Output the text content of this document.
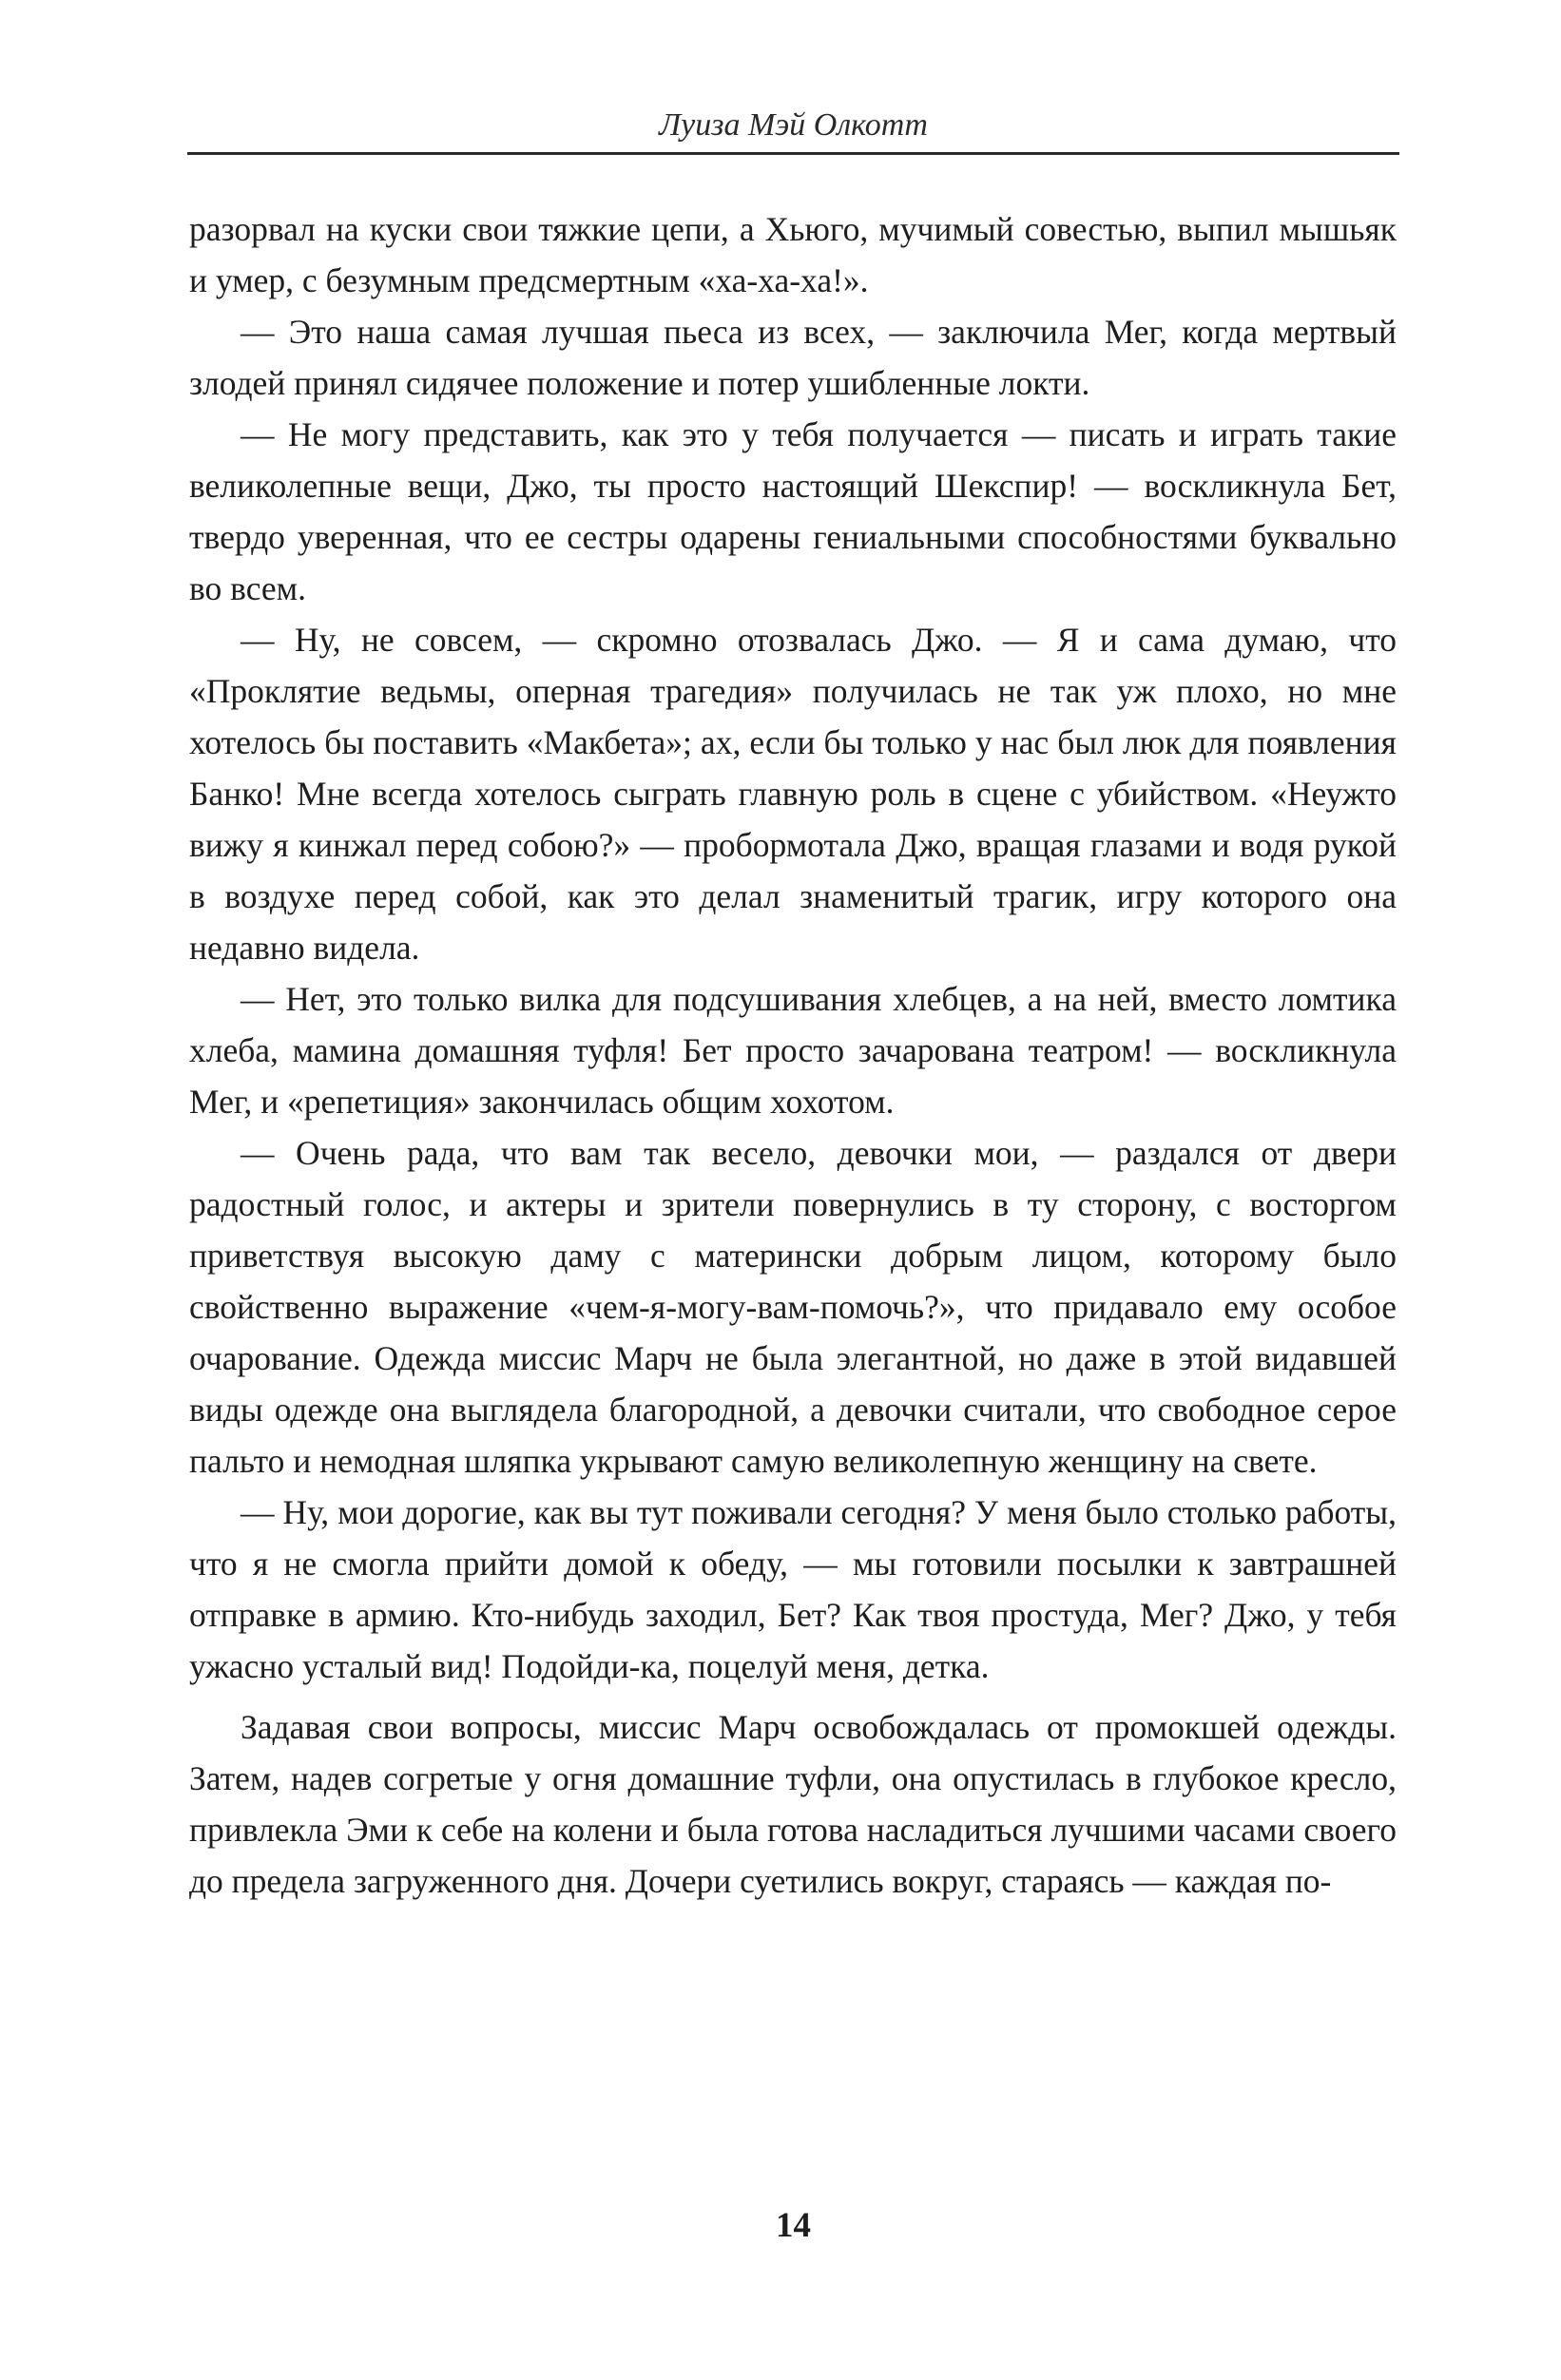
Луиза Мэй Олкотт

разорвал на куски свои тяжкие цепи, а Хьюго, мучимый совестью, выпил мышьяк и умер, с безумным предсмертным «ха-ха-ха!».

— Это наша самая лучшая пьеса из всех, — заключила Мег, когда мертвый злодей принял сидячее положение и потер ушибленные локти.

— Не могу представить, как это у тебя получается — писать и играть такие великолепные вещи, Джо, ты просто настоящий Шекспир! — воскликнула Бет, твердо уверенная, что ее сестры одарены гениальными способностями буквально во всем.

— Ну, не совсем, — скромно отозвалась Джо. — Я и сама думаю, что «Проклятие ведьмы, оперная трагедия» получилась не так уж плохо, но мне хотелось бы поставить «Макбета»; ах, если бы только у нас был люк для появления Банко! Мне всегда хотелось сыграть главную роль в сцене с убийством. «Неужто вижу я кинжал перед собою?» — пробормотала Джо, вращая глазами и водя рукой в воздухе перед собой, как это делал знаменитый трагик, игру которого она недавно видела.

— Нет, это только вилка для подсушивания хлебцев, а на ней, вместо ломтика хлеба, мамина домашняя туфля! Бет просто зачарована театром! — воскликнула Мег, и «репетиция» закончилась общим хохотом.

— Очень рада, что вам так весело, девочки мои, — раздался от двери радостный голос, и актеры и зрители повернулись в ту сторону, с восторгом приветствуя высокую даму с матерински добрым лицом, которому было свойственно выражение «чем-я-могу-вам-помочь?», что придавало ему особое очарование. Одежда миссис Марч не была элегантной, но даже в этой видавшей виды одежде она выглядела благородной, а девочки считали, что свободное серое пальто и немодная шляпка укрывают самую великолепную женщину на свете.

— Ну, мои дорогие, как вы тут поживали сегодня? У меня было столько работы, что я не смогла прийти домой к обеду, — мы готовили посылки к завтрашней отправке в армию. Кто-нибудь заходил, Бет? Как твоя простуда, Мег? Джо, у тебя ужасно усталый вид! Подойди-ка, поцелуй меня, детка.

Задавая свои вопросы, миссис Марч освобождалась от промокшей одежды. Затем, надев согретые у огня домашние туфли, она опустилась в глубокое кресло, привлекла Эми к себе на колени и была готова насладиться лучшими часами своего до предела загруженного дня. Дочери суетились вокруг, стараясь — каждая по-

14
